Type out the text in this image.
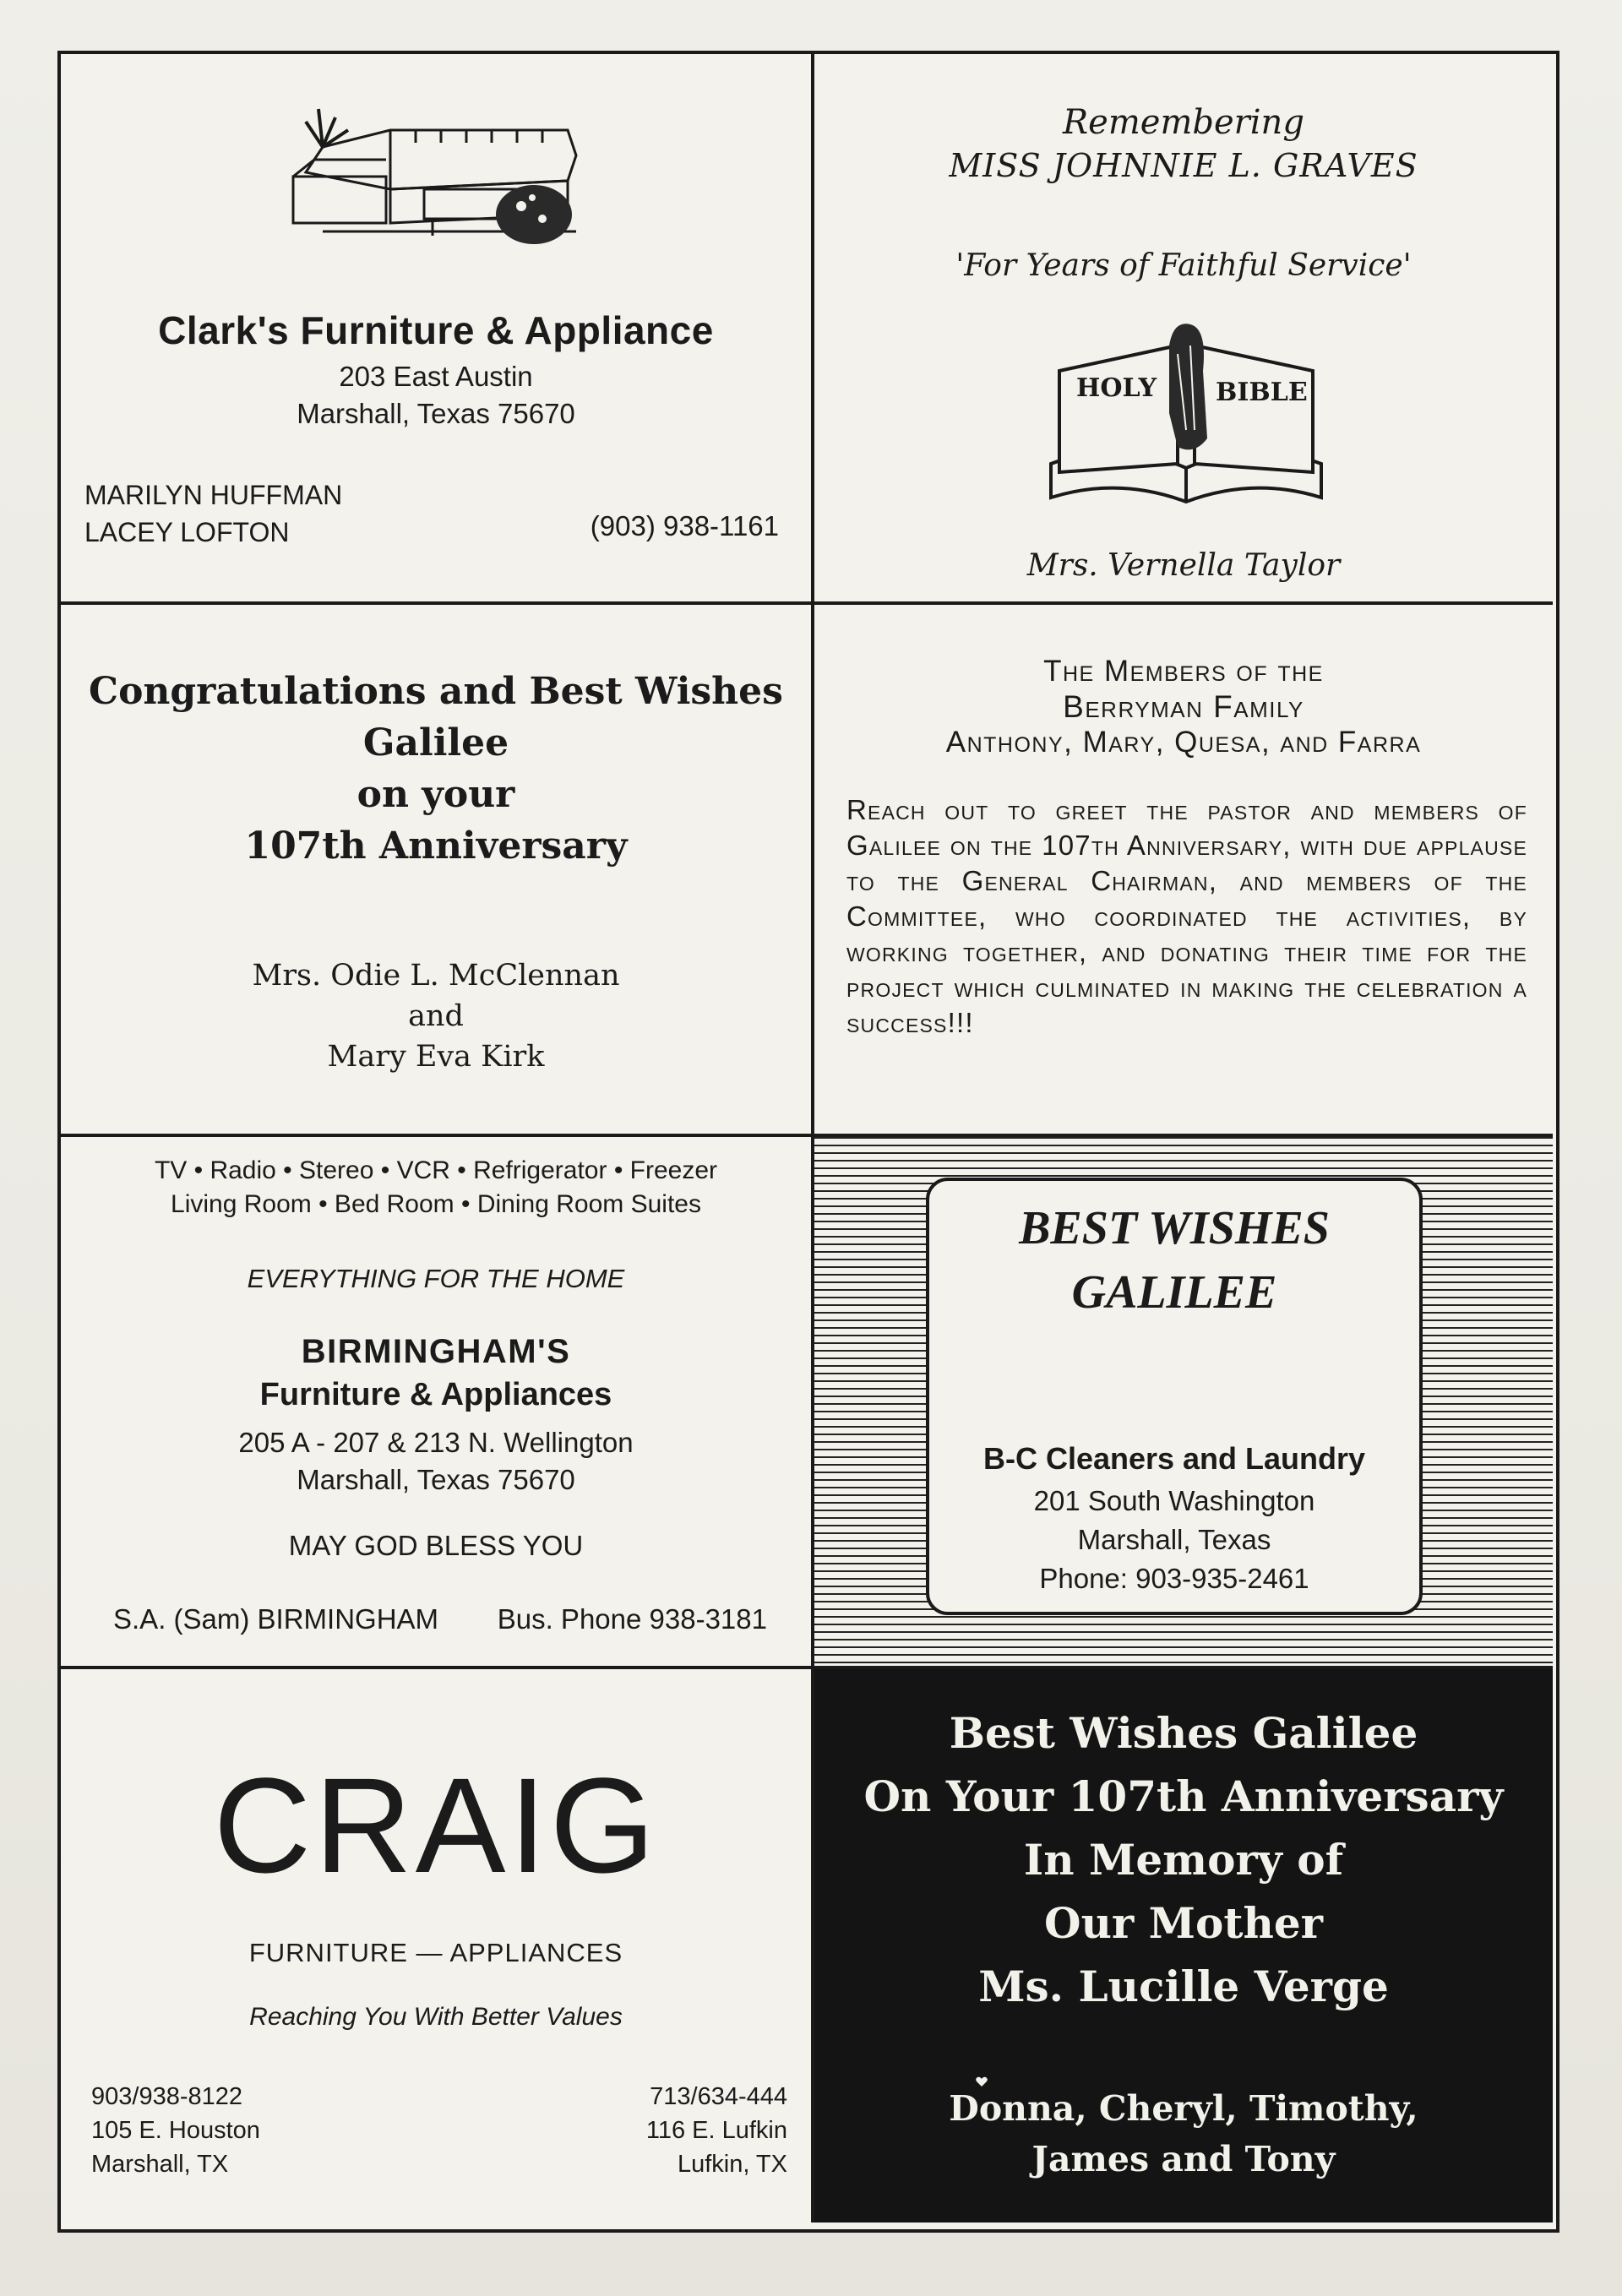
Clark's Furniture & Appliance
203 East Austin
Marshall, Texas 75670
MARILYN HUFFMAN
LACEY LOFTON	(903) 938-1161
Remembering
MISS JOHNNIE L. GRAVES
'For Years of Faithful Service'
HOLY BIBLE
Mrs. Vernella Taylor
Congratulations and Best Wishes
Galilee
on your
107th Anniversary
Mrs. Odie L. McClennan
and
Mary Eva Kirk
The Members of the
Berryman Family
Anthony, Mary, Quesa, and Farra
Reach out to greet the pastor and members of Galilee on the 107th Anniversary, with due applause to the General Chairman, and members of the Committee, who coordinated the activities, by working together, and donating their time for the project which culminated in making the celebration a success!!!
TV • Radio • Stereo • VCR • Refrigerator • Freezer
Living Room • Bed Room • Dining Room Suites
EVERYTHING FOR THE HOME
BIRMINGHAM'S
Furniture & Appliances
205 A - 207 & 213 N. Wellington
Marshall, Texas 75670
MAY GOD BLESS YOU
S.A. (Sam) BIRMINGHAM Bus. Phone 938-3181
BEST WISHES
GALILEE
B-C Cleaners and Laundry
201 South Washington
Marshall, Texas
Phone: 903-935-2461
CRAIG
FURNITURE — APPLIANCES
Reaching You With Better Values
903/938-8122
105 E. Houston
Marshall, TX
713/634-444
116 E. Lufkin
Lufkin, TX
Best Wishes Galilee
On Your 107th Anniversary
In Memory of
Our Mother
Ms. Lucille Verge
Donna, Cheryl, Timothy,
James and Tony
